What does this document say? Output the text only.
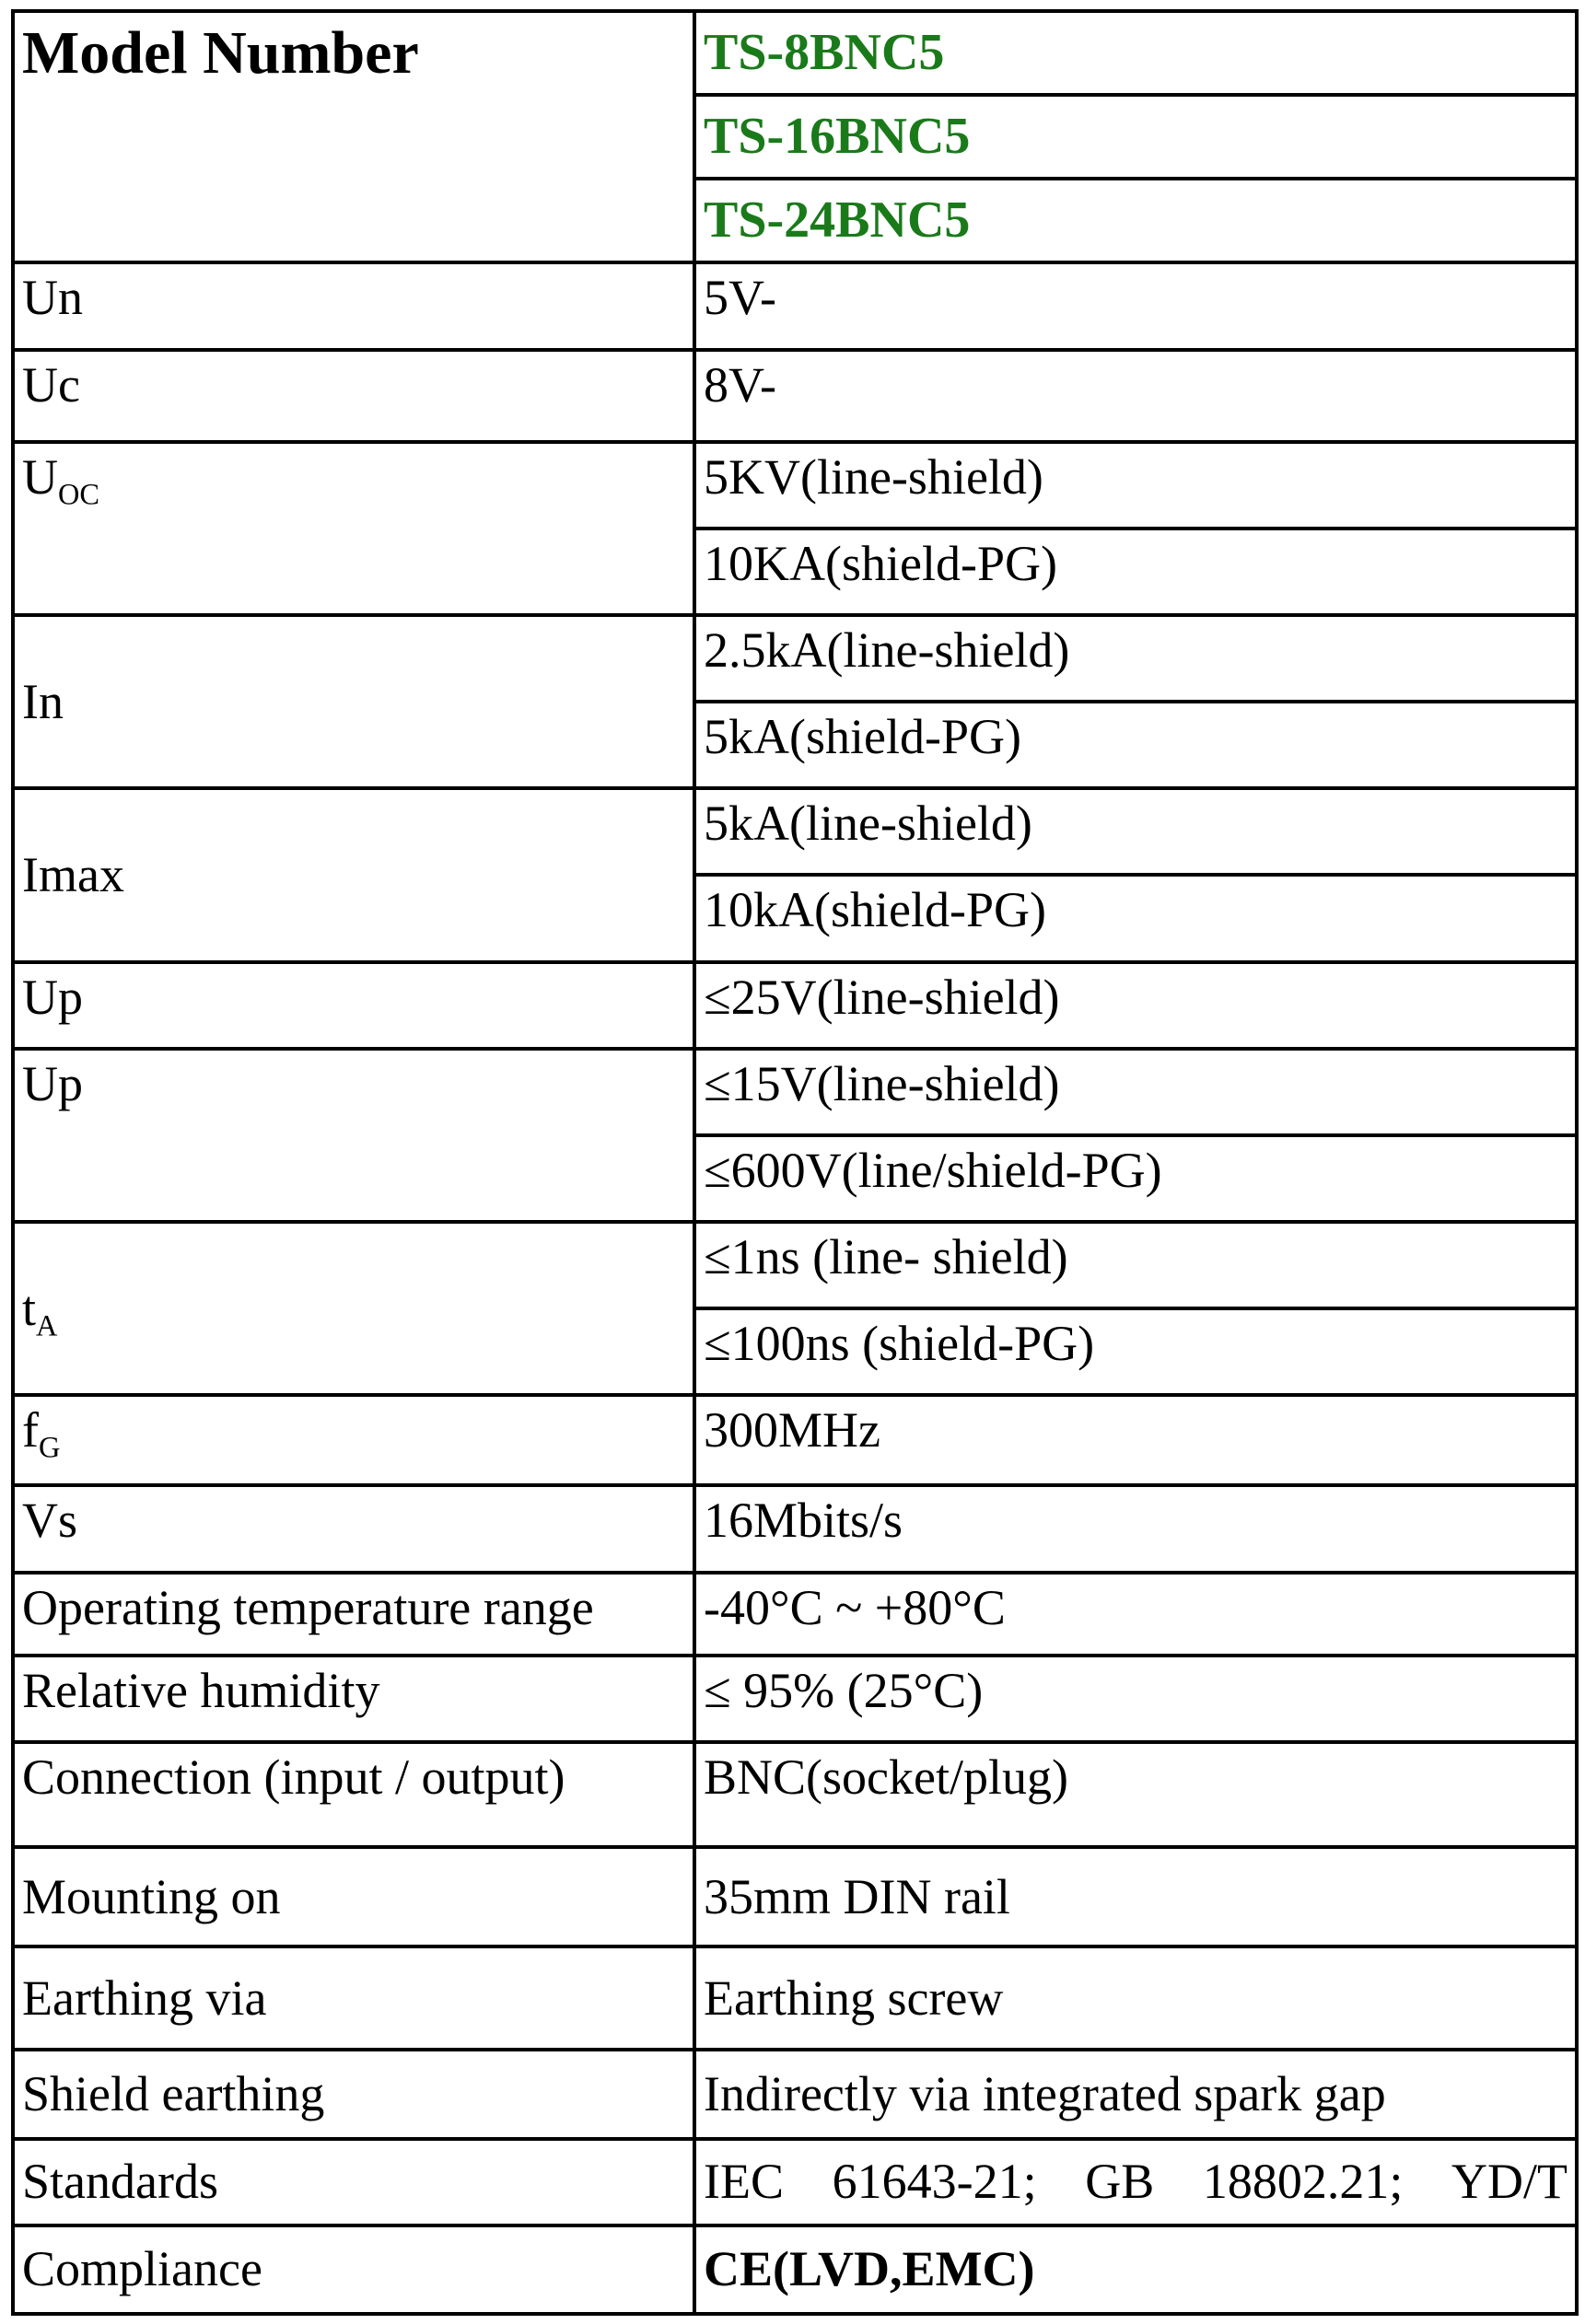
Model Number	TS-8BNC5
	TS-16BNC5
	TS-24BNC5
Un	5V-
Uc	8V-
$U_{OC}$	5KV(line-shield)
	10KA(shield-PG)
In	2.5kA(line-shield)
	5kA(shield-PG)
Imax	5kA(line-shield)
	10kA(shield-PG)
Up	≤25V(line-shield)
Up	≤15V(line-shield)
	≤600V(line/shield-PG)
$t_A$	≤1ns (line- shield)
	≤100ns (shield-PG)
$f_G$	300MHz
Vs	16Mbits/s
Operating temperature range	-40°C ~ +80°C
Relative humidity	≤ 95% (25°C)
Connection (input / output)	BNC(socket/plug)
Mounting on	35mm DIN rail
Earthing via	Earthing screw
Shield earthing	Indirectly via integrated spark gap
Standards	IEC 61643-21; GB 18802.21; YD/T

Compliance	CE(LVD,EMC)
